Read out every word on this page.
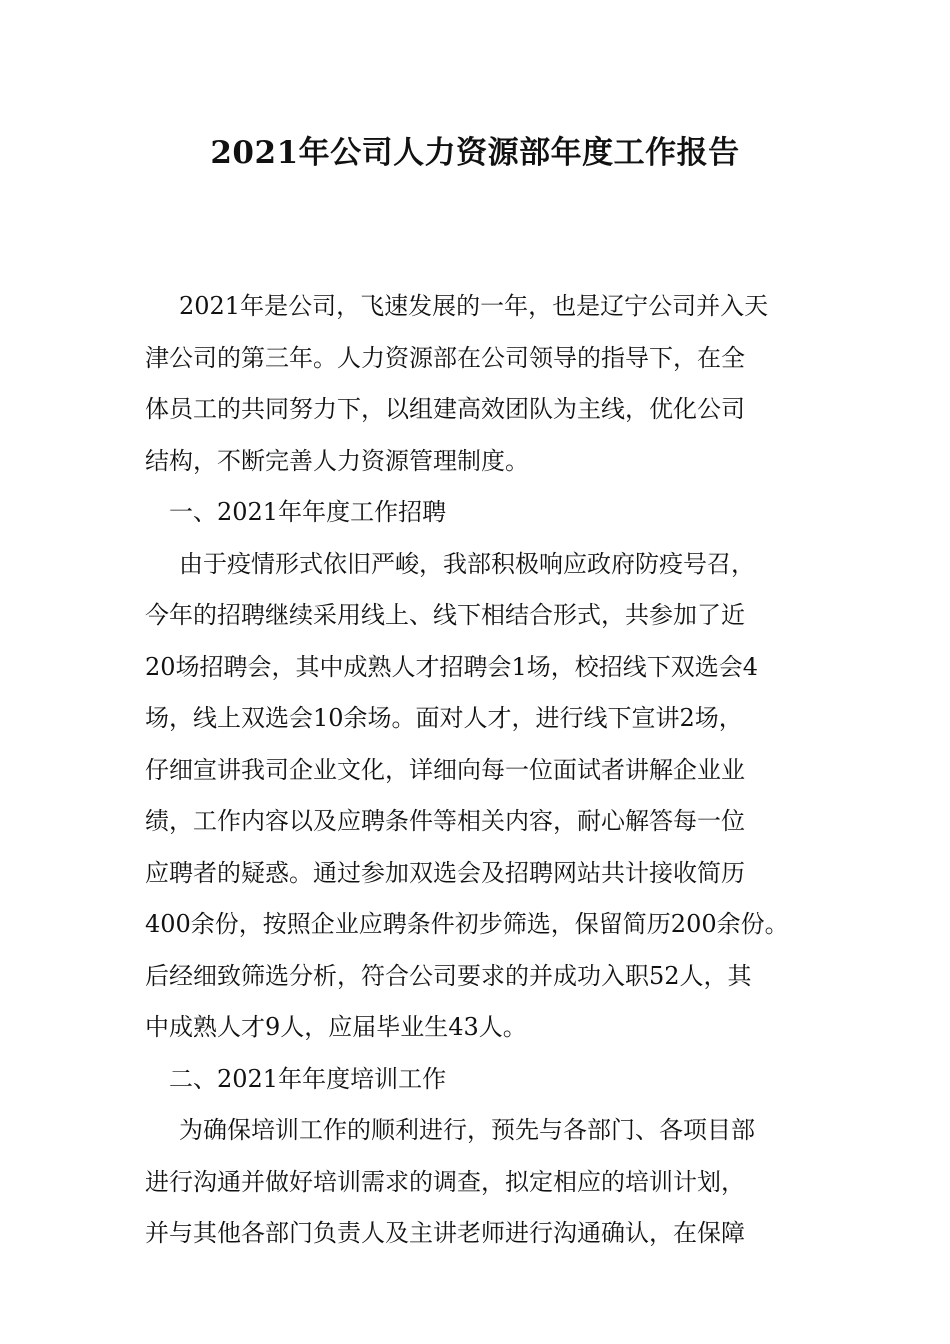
2021年公司人力资源部年度工作报告
2021年是公司，飞速发展的一年，也是辽宁公司并入天
津公司的第三年。人力资源部在公司领导的指导下，在全
体员工的共同努力下，以组建高效团队为主线，优化公司
结构，不断完善人力资源管理制度。
一、2021年年度工作招聘
由于疫情形式依旧严峻，我部积极响应政府防疫号召，
今年的招聘继续采用线上、线下相结合形式，共参加了近
20场招聘会，其中成熟人才招聘会1场，校招线下双选会4
场，线上双选会10余场。面对人才，进行线下宣讲2场，
仔细宣讲我司企业文化，详细向每一位面试者讲解企业业
绩，工作内容以及应聘条件等相关内容，耐心解答每一位
应聘者的疑惑。通过参加双选会及招聘网站共计接收简历
400余份，按照企业应聘条件初步筛选，保留简历200余份。
后经细致筛选分析，符合公司要求的并成功入职52人，其
中成熟人才9人，应届毕业生43人。
二、2021年年度培训工作
为确保培训工作的顺利进行，预先与各部门、各项目部
进行沟通并做好培训需求的调查，拟定相应的培训计划，
并与其他各部门负责人及主讲老师进行沟通确认，在保障
